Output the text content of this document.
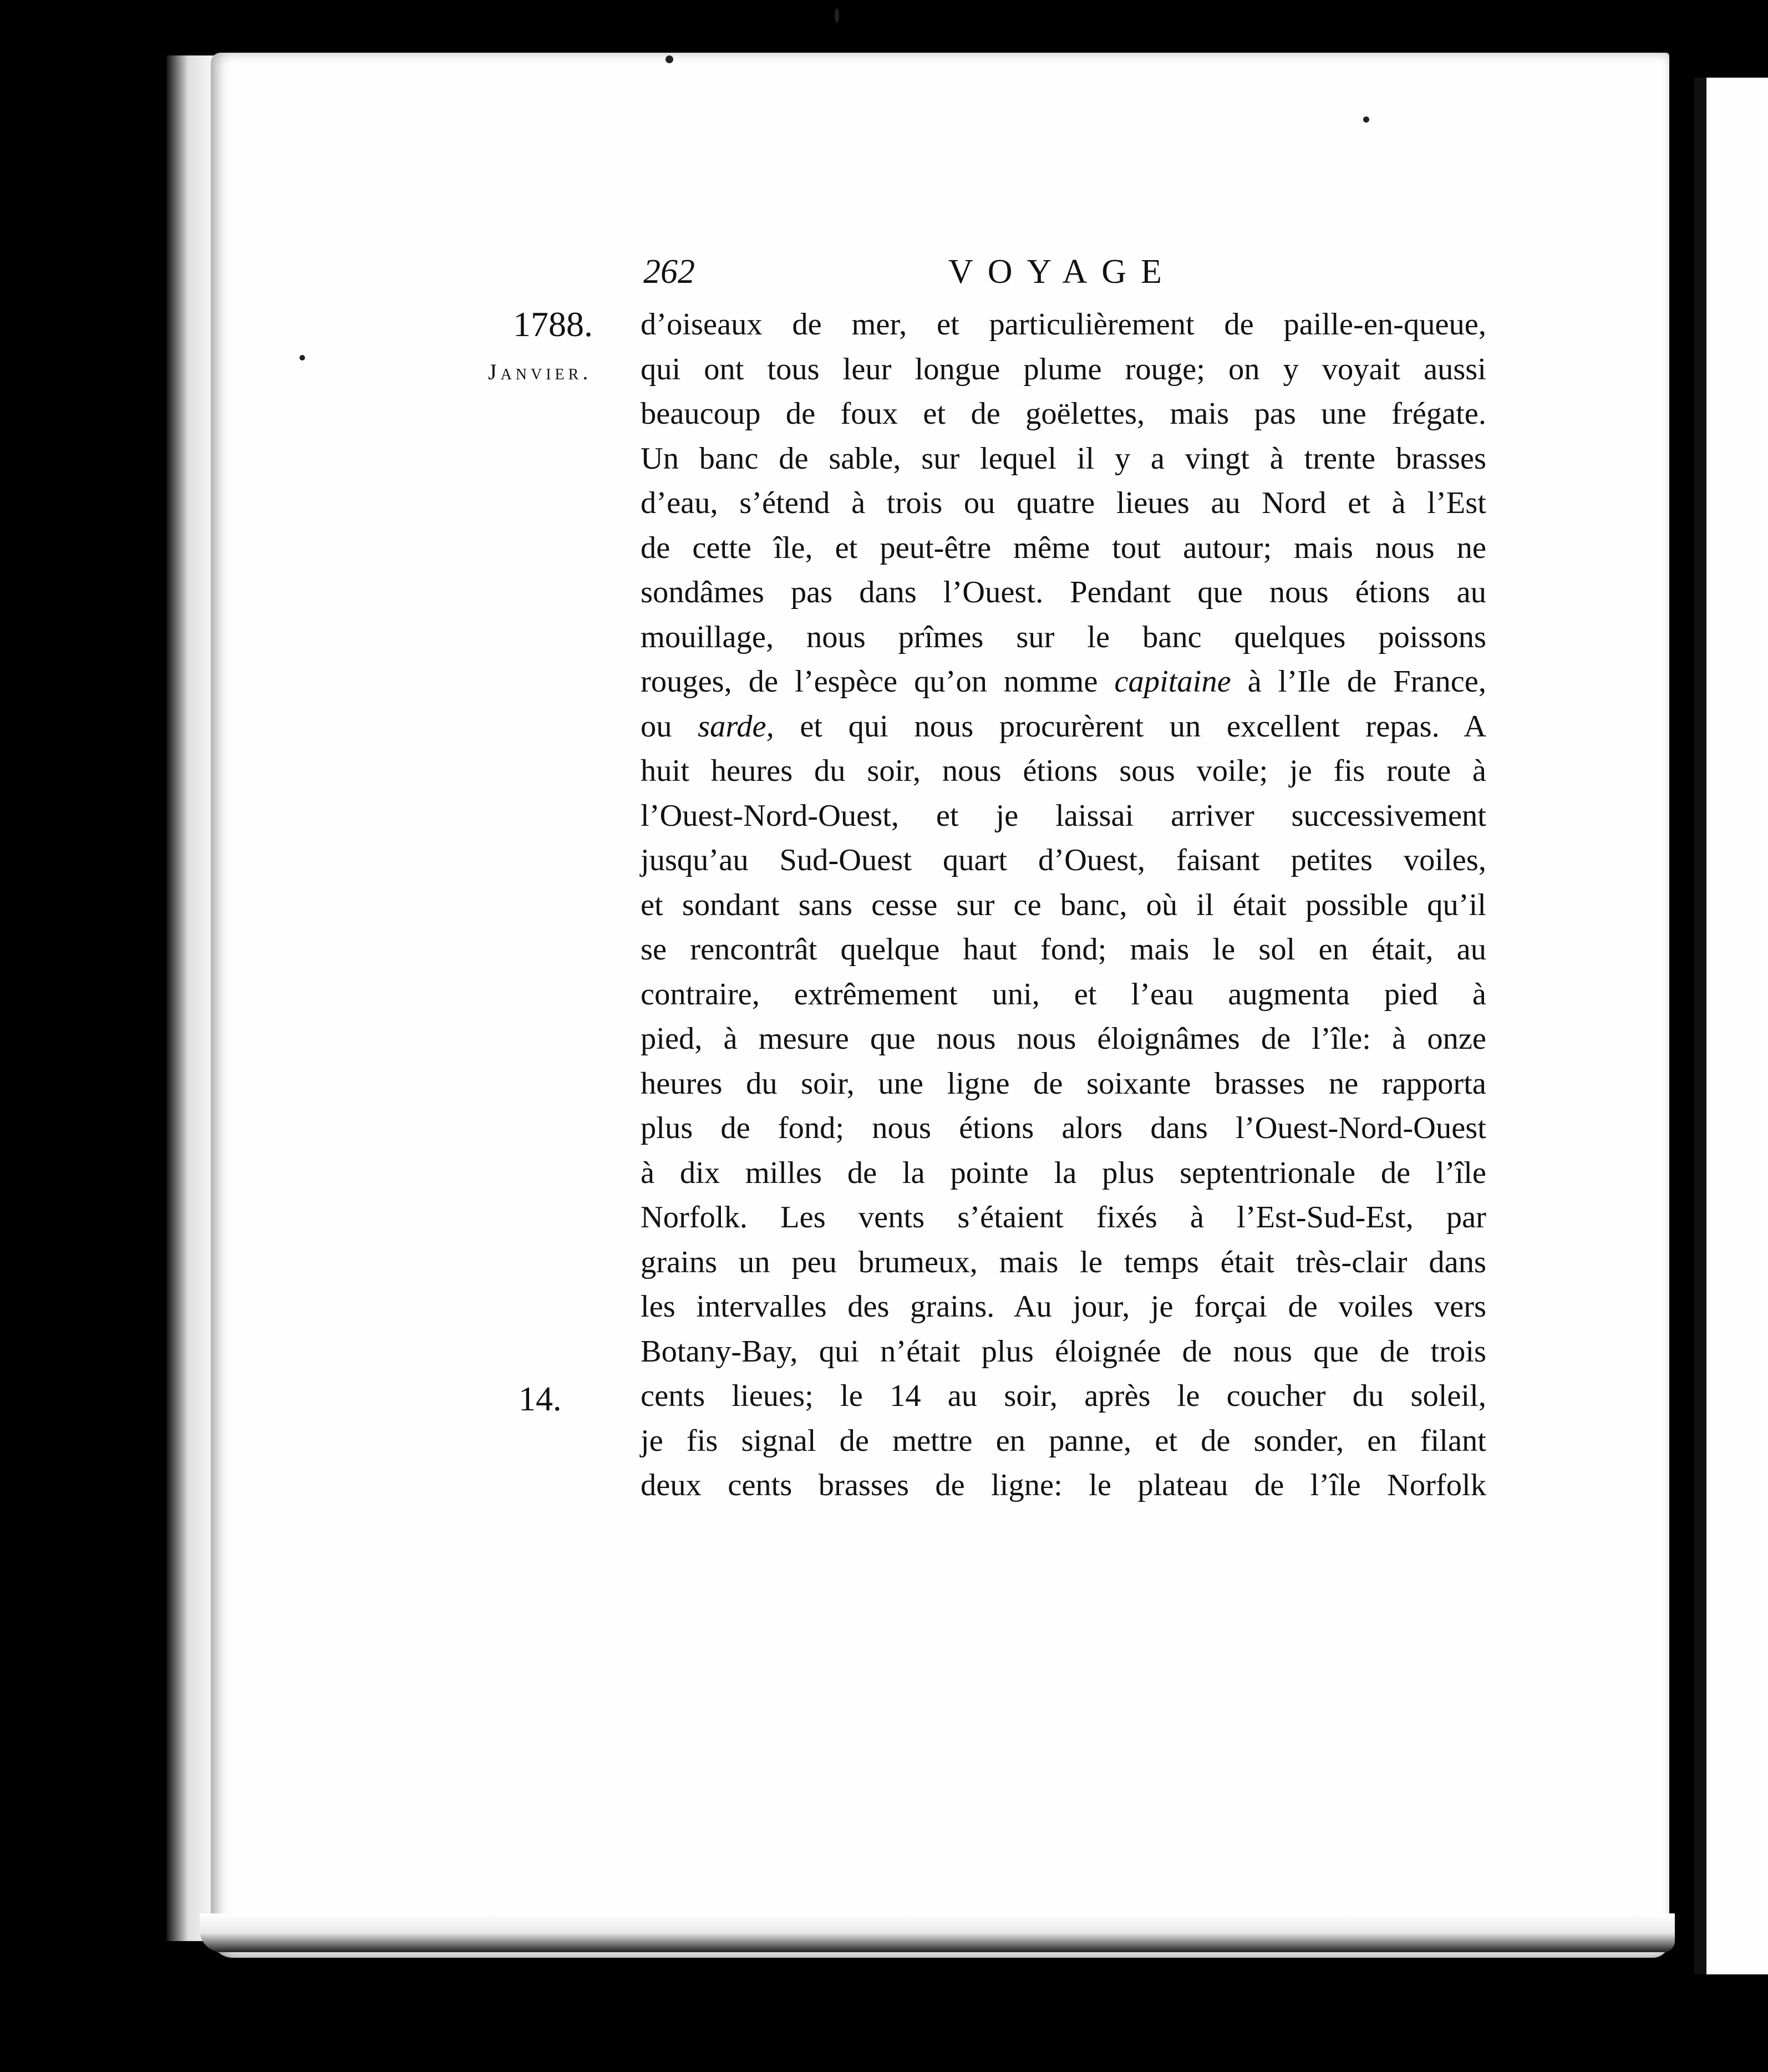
262	VOYAGE
1788.
Janvier.
14.
d’oiseaux de mer, et particulièrement de paille-en-queue,
qui ont tous leur longue plume rouge; on y voyait aussi
beaucoup de foux et de goëlettes, mais pas une frégate.
Un banc de sable, sur lequel il y a vingt à trente brasses
d’eau, s’étend à trois ou quatre lieues au Nord et à l’Est
de cette île, et peut-être même tout autour; mais nous ne
sondâmes pas dans l’Ouest. Pendant que nous étions au
mouillage, nous prîmes sur le banc quelques poissons
rouges, de l’espèce qu’on nomme capitaine à l’Ile de France,
ou sarde, et qui nous procurèrent un excellent repas. A
huit heures du soir, nous étions sous voile; je fis route à
l’Ouest-Nord-Ouest, et je laissai arriver successivement
jusqu’au Sud-Ouest quart d’Ouest, faisant petites voiles,
et sondant sans cesse sur ce banc, où il était possible qu’il
se rencontrât quelque haut fond; mais le sol en était, au
contraire, extrêmement uni, et l’eau augmenta pied à
pied, à mesure que nous nous éloignâmes de l’île: à onze
heures du soir, une ligne de soixante brasses ne rapporta
plus de fond; nous étions alors dans l’Ouest-Nord-Ouest
à dix milles de la pointe la plus septentrionale de l’île
Norfolk. Les vents s’étaient fixés à l’Est-Sud-Est, par
grains un peu brumeux, mais le temps était très-clair dans
les intervalles des grains. Au jour, je forçai de voiles vers
Botany-Bay, qui n’était plus éloignée de nous que de trois
cents lieues; le 14 au soir, après le coucher du soleil,
je fis signal de mettre en panne, et de sonder, en filant
deux cents brasses de ligne: le plateau de l’île Norfolk
